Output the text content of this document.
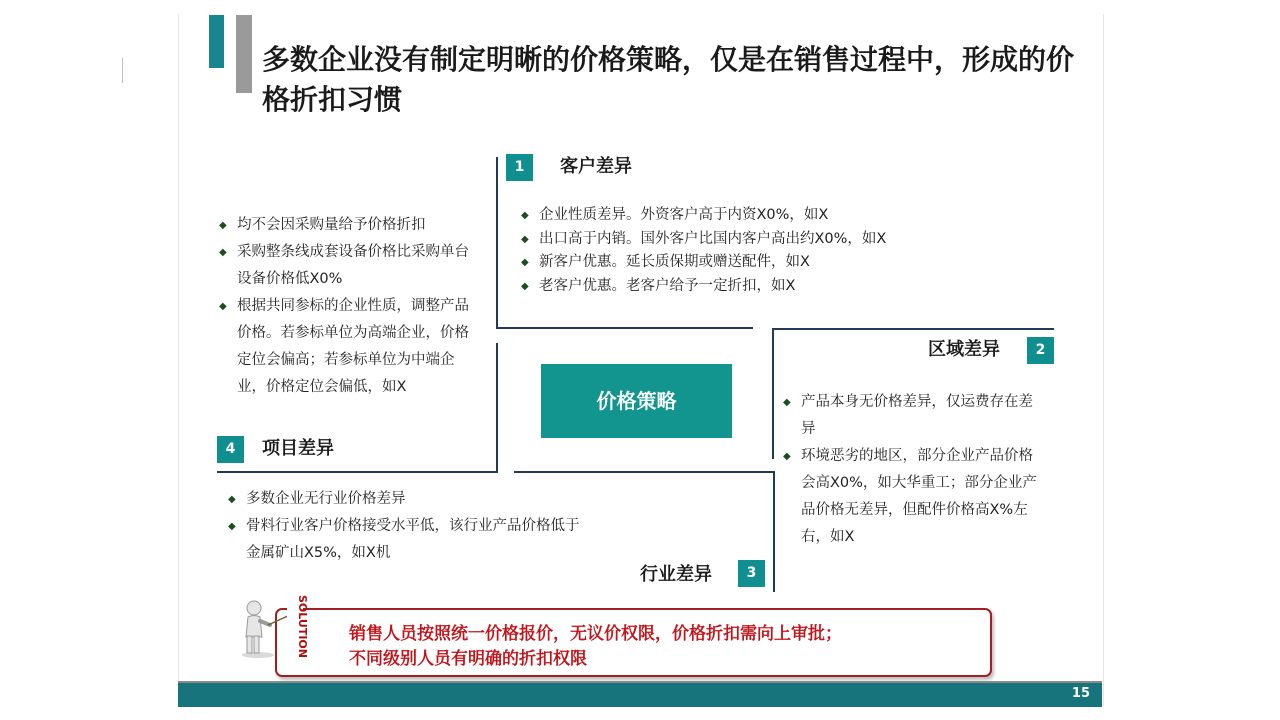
多数企业没有制定明晰的价格策略，仅是在销售过程中，形成的价格折扣习惯
1	客户差异
◆ 企业性质差异。外资客户高于内资X0%，如X
◆ 出口高于内销。国外客户比国内客户高出约X0%，如X
◆ 新客户优惠。延长质保期或赠送配件，如X
◆ 老客户优惠。老客户给予一定折扣，如X
区域差异	2
◆ 产品本身无价格差异，仅运费存在差异
◆ 环境恶劣的地区，部分企业产品价格会高X0%，如大华重工；部分企业产品价格无差异，但配件价格高X%左右，如X
价格策略
◆ 均不会因采购量给予价格折扣
◆ 采购整条线成套设备价格比采购单台设备价格低X0%
◆ 根据共同参标的企业性质，调整产品价格。若参标单位为高端企业，价格定位会偏高；若参标单位为中端企业，价格定位会偏低，如X
4	项目差异
◆ 多数企业无行业价格差异
◆ 骨料行业客户价格接受水平低，该行业产品价格低于金属矿山X5%，如X机
行业差异	3
销售人员按照统一价格报价，无议价权限，价格折扣需向上审批；
不同级别人员有明确的折扣权限
SOLUTION
15
